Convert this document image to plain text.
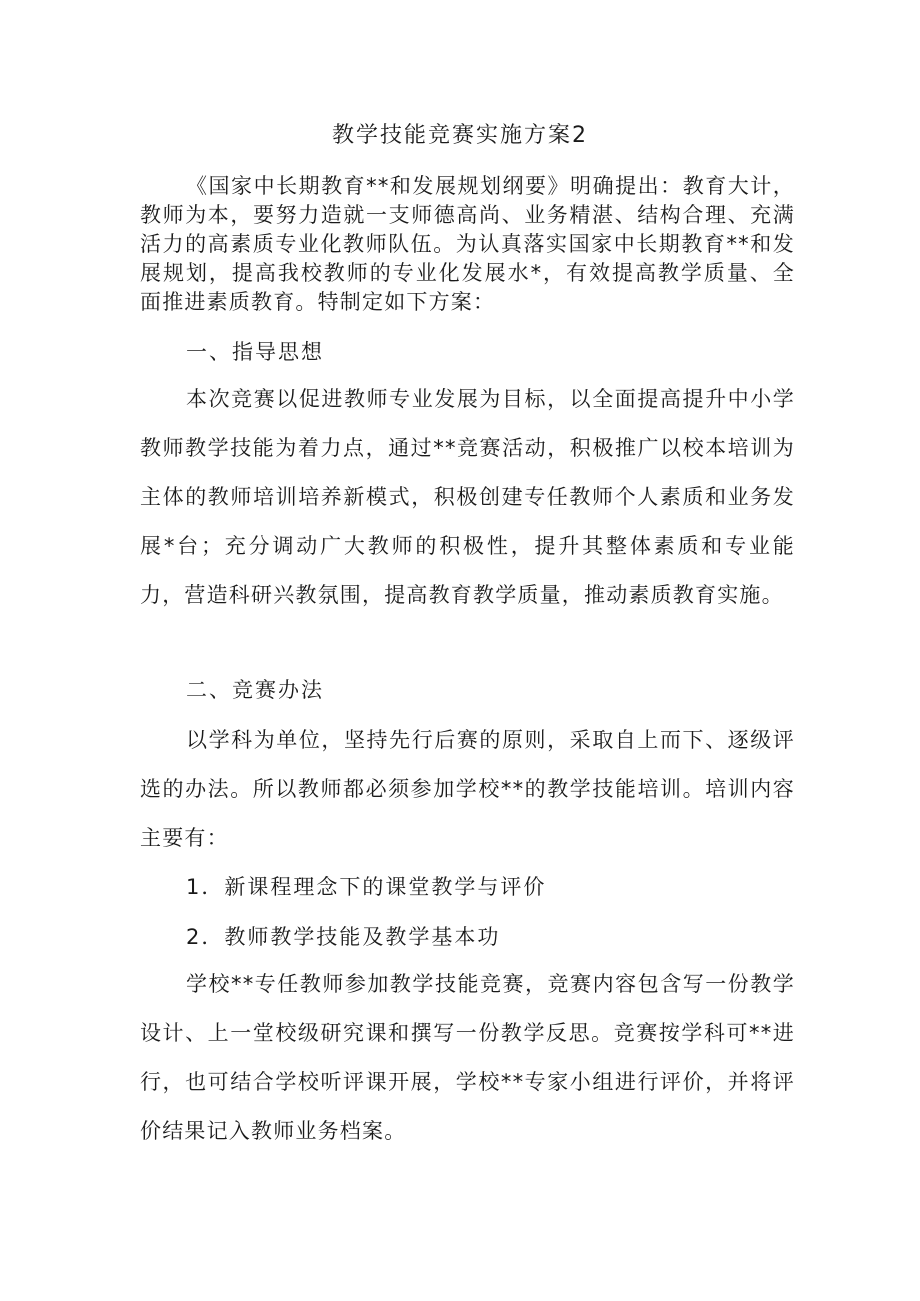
教学技能竞赛实施方案2

《国家中长期教育**和发展规划纲要》明确提出：教育大计，教师为本，要努力造就一支师德高尚、业务精湛、结构合理、充满活力的高素质专业化教师队伍。为认真落实国家中长期教育**和发展规划，提高我校教师的专业化发展水*，有效提高教学质量、全面推进素质教育。特制定如下方案：

一、指导思想

本次竞赛以促进教师专业发展为目标，以全面提高提升中小学教师教学技能为着力点，通过**竞赛活动，积极推广以校本培训为主体的教师培训培养新模式，积极创建专任教师个人素质和业务发展*台；充分调动广大教师的积极性，提升其整体素质和专业能力，营造科研兴教氛围，提高教育教学质量，推动素质教育实施。

二、竞赛办法

以学科为单位，坚持先行后赛的原则，采取自上而下、逐级评选的办法。所以教师都必须参加学校**的教学技能培训。培训内容主要有：

1．新课程理念下的课堂教学与评价

2．教师教学技能及教学基本功

学校**专任教师参加教学技能竞赛，竞赛内容包含写一份教学设计、上一堂校级研究课和撰写一份教学反思。竞赛按学科可**进行，也可结合学校听评课开展，学校**专家小组进行评价，并将评价结果记入教师业务档案。
